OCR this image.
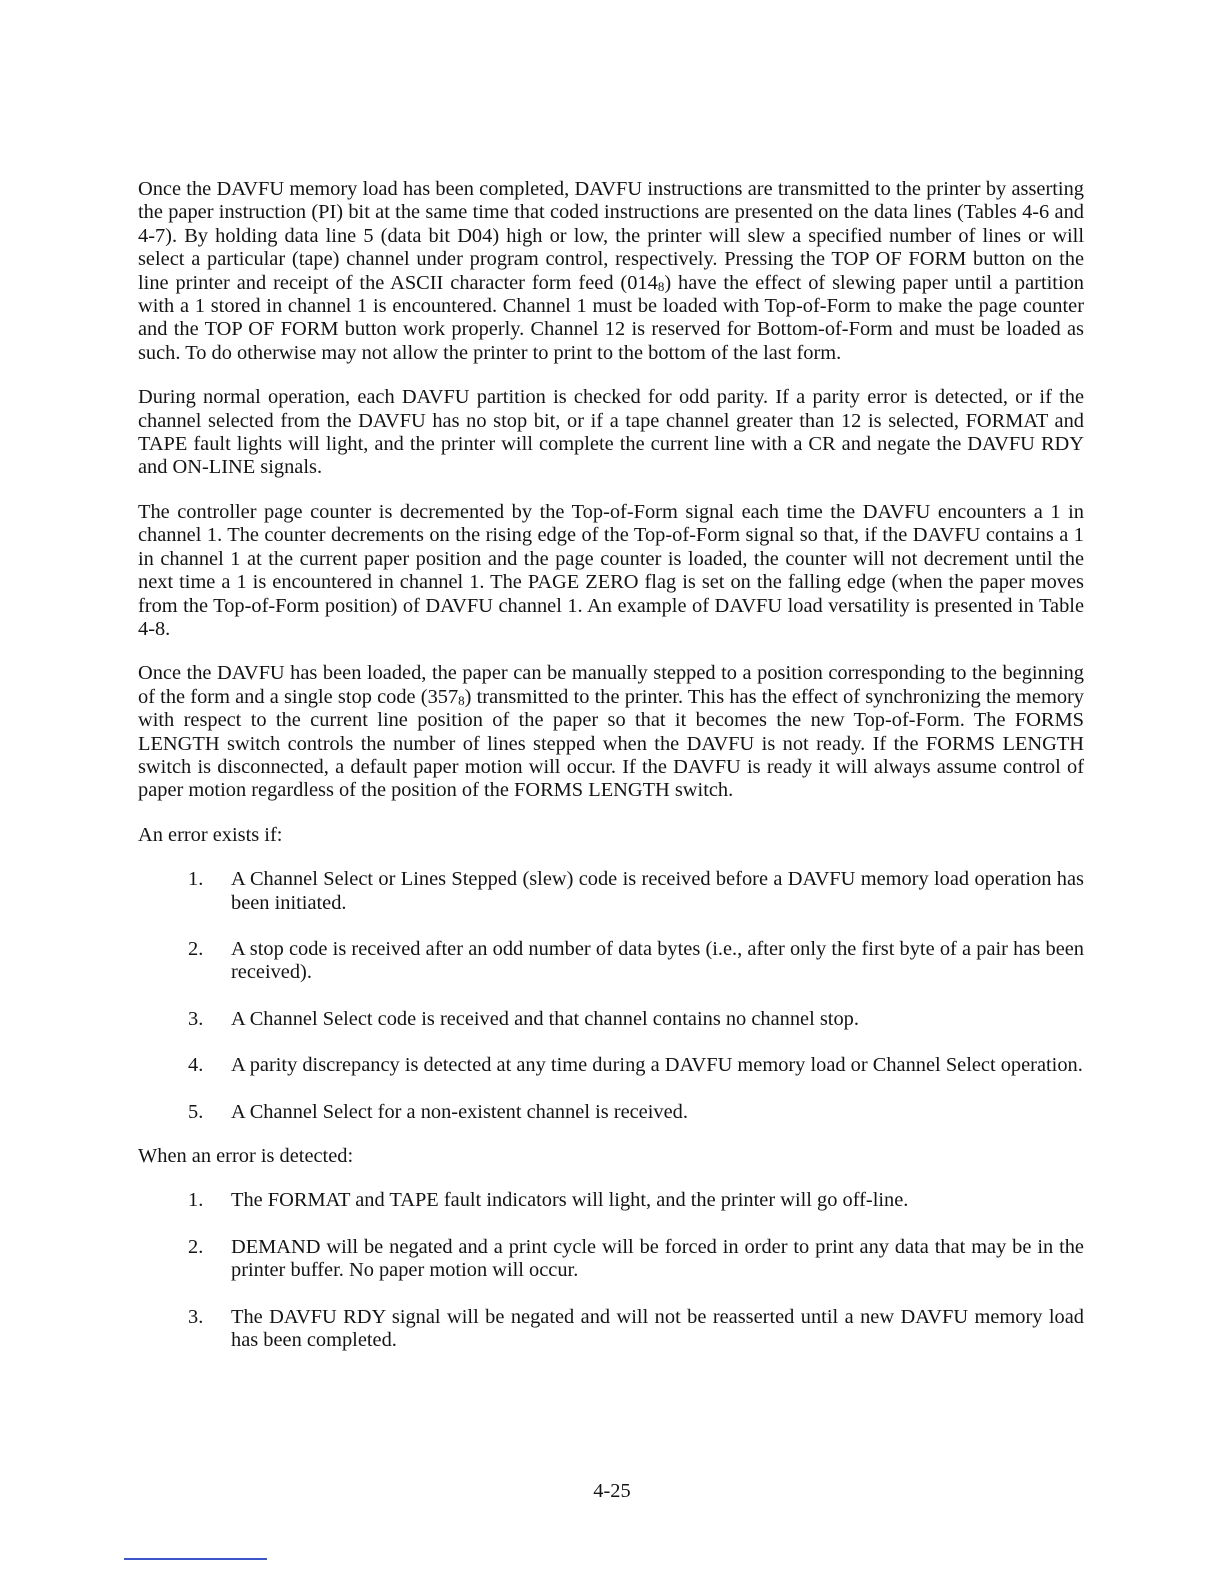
Once the DAVFU memory load has been completed, DAVFU instructions are transmitted to the printer by asserting the paper instruction (PI) bit at the same time that coded instructions are presented on the data lines (Tables 4-6 and 4-7). By holding data line 5 (data bit D04) high or low, the printer will slew a specified number of lines or will select a particular (tape) channel under program control, respectively. Pressing the TOP OF FORM button on the line printer and receipt of the ASCII character form feed $(014_8)$ have the effect of slewing paper until a partition with a 1 stored in channel 1 is encountered. Channel 1 must be loaded with Top-of-Form to make the page counter and the TOP OF FORM button work properly. Channel 12 is reserved for Bottom-of-Form and must be loaded as such. To do otherwise may not allow the printer to print to the bottom of the last form.

During normal operation, each DAVFU partition is checked for odd parity. If a parity error is detected, or if the channel selected from the DAVFU has no stop bit, or if a tape channel greater than 12 is selected, FORMAT and TAPE fault lights will light, and the printer will complete the current line with a CR and negate the DAVFU RDY and ON-LINE signals.

The controller page counter is decremented by the Top-of-Form signal each time the DAVFU encounters a 1 in channel 1. The counter decrements on the rising edge of the Top-of-Form signal so that, if the DAVFU contains a 1 in channel 1 at the current paper position and the page counter is loaded, the counter will not decrement until the next time a 1 is encountered in channel 1. The PAGE ZERO flag is set on the falling edge (when the paper moves from the Top-of-Form position) of DAVFU channel 1. An example of DAVFU load versatility is presented in Table 4-8.

Once the DAVFU has been loaded, the paper can be manually stepped to a position corresponding to the beginning of the form and a single stop code $(357_8)$ transmitted to the printer. This has the effect of synchronizing the memory with respect to the current line position of the paper so that it becomes the new Top-of-Form. The FORMS LENGTH switch controls the number of lines stepped when the DAVFU is not ready. If the FORMS LENGTH switch is disconnected, a default paper motion will occur. If the DAVFU is ready it will always assume control of paper motion regardless of the position of the FORMS LENGTH switch.

An error exists if:

1.	A Channel Select or Lines Stepped (slew) code is received before a DAVFU memory load operation has been initiated.
2.	A stop code is received after an odd number of data bytes (i.e., after only the first byte of a pair has been received).
3.	A Channel Select code is received and that channel contains no channel stop.
4.	A parity discrepancy is detected at any time during a DAVFU memory load or Channel Select operation.
5.	A Channel Select for a non-existent channel is received.

When an error is detected:

1.	The FORMAT and TAPE fault indicators will light, and the printer will go off-line.
2.	DEMAND will be negated and a print cycle will be forced in order to print any data that may be in the printer buffer. No paper motion will occur.
3.	The DAVFU RDY signal will be negated and will not be reasserted until a new DAVFU memory load has been completed.
4-25
